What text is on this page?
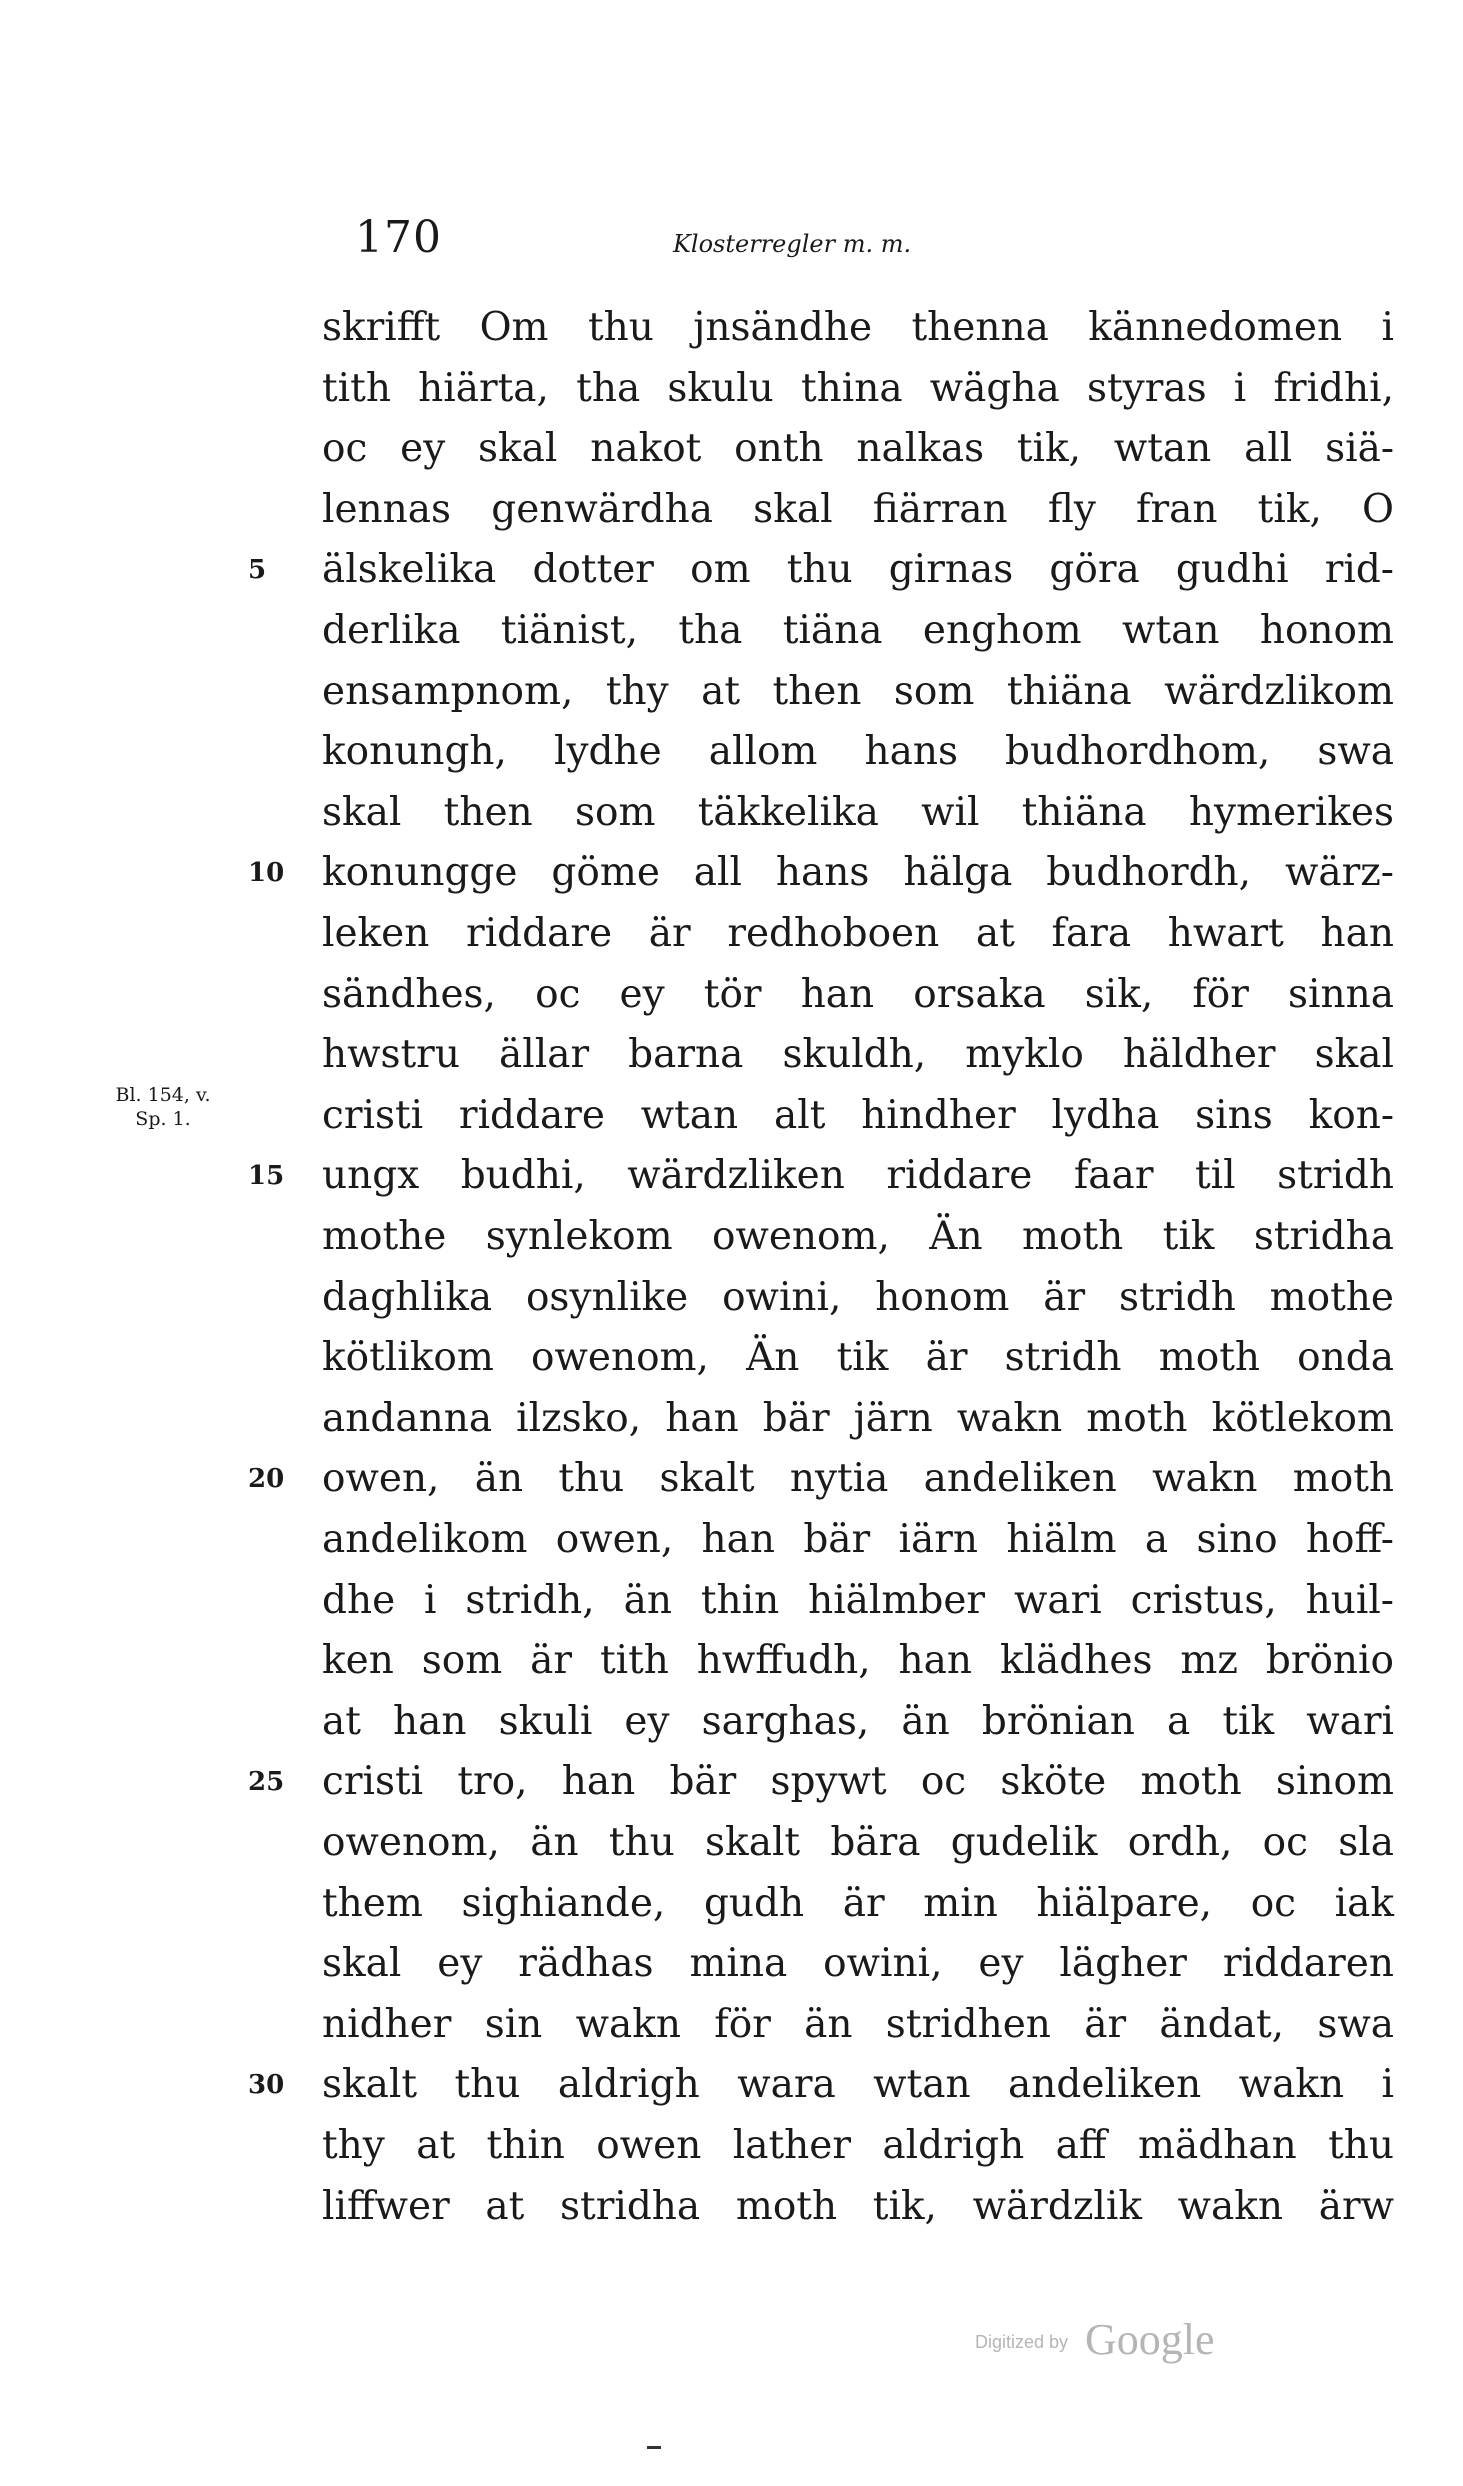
170	Klosterregler m. m.
Bl. 154, v.
Sp. 1.
skrifft Om thu jnsändhe thenna kännedomen i
tith hiärta, tha skulu thina wägha styras i fridhi,
oc ey skal nakot onth nalkas tik, wtan all siä-
lennas genwärdha skal fiärran fly fran tik, O
5	älskelika dotter om thu girnas göra gudhi rid-
derlika tiänist, tha tiäna enghom wtan honom
ensampnom, thy at then som thiäna wärdzlikom
konungh, lydhe allom hans budhordhom, swa
skal then som täkkelika wil thiäna hymerikes
10 konungge göme all hans hälga budhordh, wärz-
leken riddare är redhoboen at fara hwart han
sändhes, oc ey tör han orsaka sik, för sinna
hwstru ällar barna skuldh, myklo häldher skal
cristi riddare wtan alt hindher lydha sins kon-
15 ungx budhi, wärdzliken riddare faar til stridh
mothe synlekom owenom, Än moth tik stridha
daghlika osynlike owini, honom är stridh mothe
kötlikom owenom, Än tik är stridh moth onda
andanna ilzsko, han bär järn wakn moth kötlekom
20 owen, än thu skalt nytia andeliken wakn moth
andelikom owen, han bär iärn hiälm a sino hoff-
dhe i stridh, än thin hiälmber wari cristus, huil-
ken som är tith hwffudh, han klädhes mz brönio
at han skuli ey sarghas, än brönian a tik wari
25 cristi tro, han bär spywt oc sköte moth sinom
owenom, än thu skalt bära gudelik ordh, oc sla
them sighiande, gudh är min hiälpare, oc iak
skal ey rädhas mina owini, ey lägher riddaren
nidher sin wakn för än stridhen är ändat, swa
30 skalt thu aldrigh wara wtan andeliken wakn i
thy at thin owen lather aldrigh aff mädhan thu
liffwer at stridha moth tik, wärdzlik wakn ärw
Digitized by Google
